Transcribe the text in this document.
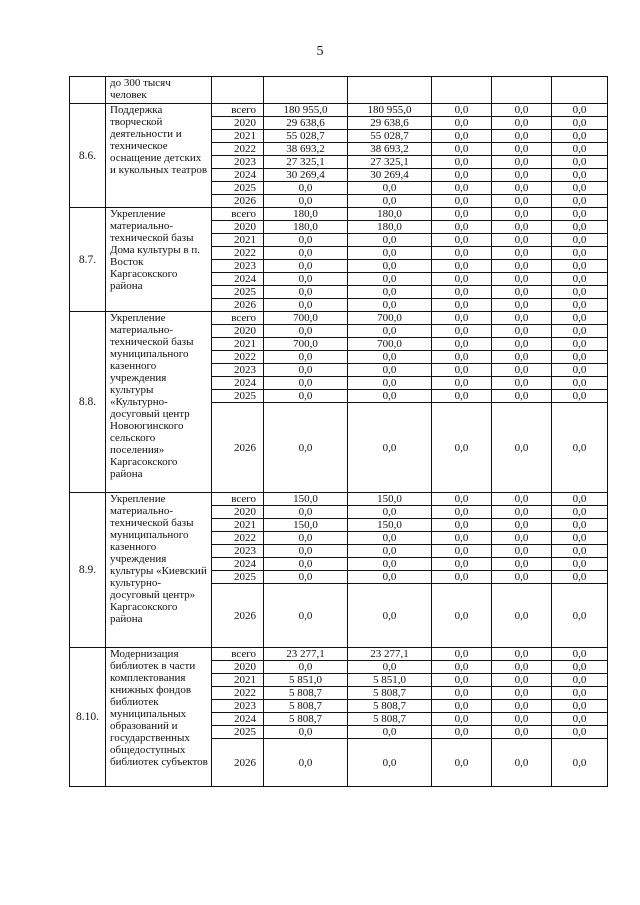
5
	до 300 тысяч человек							
8.6.	Поддержка творческой деятельности и техническое оснащение детских и кукольных театров	всего	180 955,0	180 955,0	0,0	0,0	0,0	
		2020	29 638,6	29 638,6	0,0	0,0	0,0	
		2021	55 028,7	55 028,7	0,0	0,0	0,0	
		2022	38 693,2	38 693,2	0,0	0,0	0,0	
		2023	27 325,1	27 325,1	0,0	0,0	0,0	
		2024	30 269,4	30 269,4	0,0	0,0	0,0	
		2025	0,0	0,0	0,0	0,0	0,0	
		2026	0,0	0,0	0,0	0,0	0,0	
8.7.	Укрепление материально-технической базы Дома культуры в п. Восток Каргасокского района	всего	180,0	180,0	0,0	0,0	0,0	
		2020	180,0	180,0	0,0	0,0	0,0	
		2021	0,0	0,0	0,0	0,0	0,0	
		2022	0,0	0,0	0,0	0,0	0,0	
		2023	0,0	0,0	0,0	0,0	0,0	
		2024	0,0	0,0	0,0	0,0	0,0	
		2025	0,0	0,0	0,0	0,0	0,0	
		2026	0,0	0,0	0,0	0,0	0,0	
8.8.	Укрепление материально-технической базы муниципального казенного учреждения культуры «Культурно-досуговый центр Новоюгинского сельского поселения» Каргасокского района	всего	700,0	700,0	0,0	0,0	0,0	
		2020	0,0	0,0	0,0	0,0	0,0	
		2021	700,0	700,0	0,0	0,0	0,0	
		2022	0,0	0,0	0,0	0,0	0,0	
		2023	0,0	0,0	0,0	0,0	0,0	
		2024	0,0	0,0	0,0	0,0	0,0	
		2025	0,0	0,0	0,0	0,0	0,0	
		2026	0,0	0,0	0,0	0,0	0,0	
8.9.	Укрепление материально-технической базы муниципального казенного учреждения культуры «Киевский культурно-досуговый центр» Каргасокского района	всего	150,0	150,0	0,0	0,0	0,0	
		2020	0,0	0,0	0,0	0,0	0,0	
		2021	150,0	150,0	0,0	0,0	0,0	
		2022	0,0	0,0	0,0	0,0	0,0	
		2023	0,0	0,0	0,0	0,0	0,0	
		2024	0,0	0,0	0,0	0,0	0,0	
		2025	0,0	0,0	0,0	0,0	0,0	
		2026	0,0	0,0	0,0	0,0	0,0	
8.10.	Модернизация библиотек в части комплектования книжных фондов библиотек муниципальных образований и государственных общедоступных библиотек субъектов	всего	23 277,1	23 277,1	0,0	0,0	0,0	
		2020	0,0	0,0	0,0	0,0	0,0	
		2021	5 851,0	5 851,0	0,0	0,0	0,0	
		2022	5 808,7	5 808,7	0,0	0,0	0,0	
		2023	5 808,7	5 808,7	0,0	0,0	0,0	
		2024	5 808,7	5 808,7	0,0	0,0	0,0	
		2025	0,0	0,0	0,0	0,0	0,0	
		2026	0,0	0,0	0,0	0,0	0,0	
